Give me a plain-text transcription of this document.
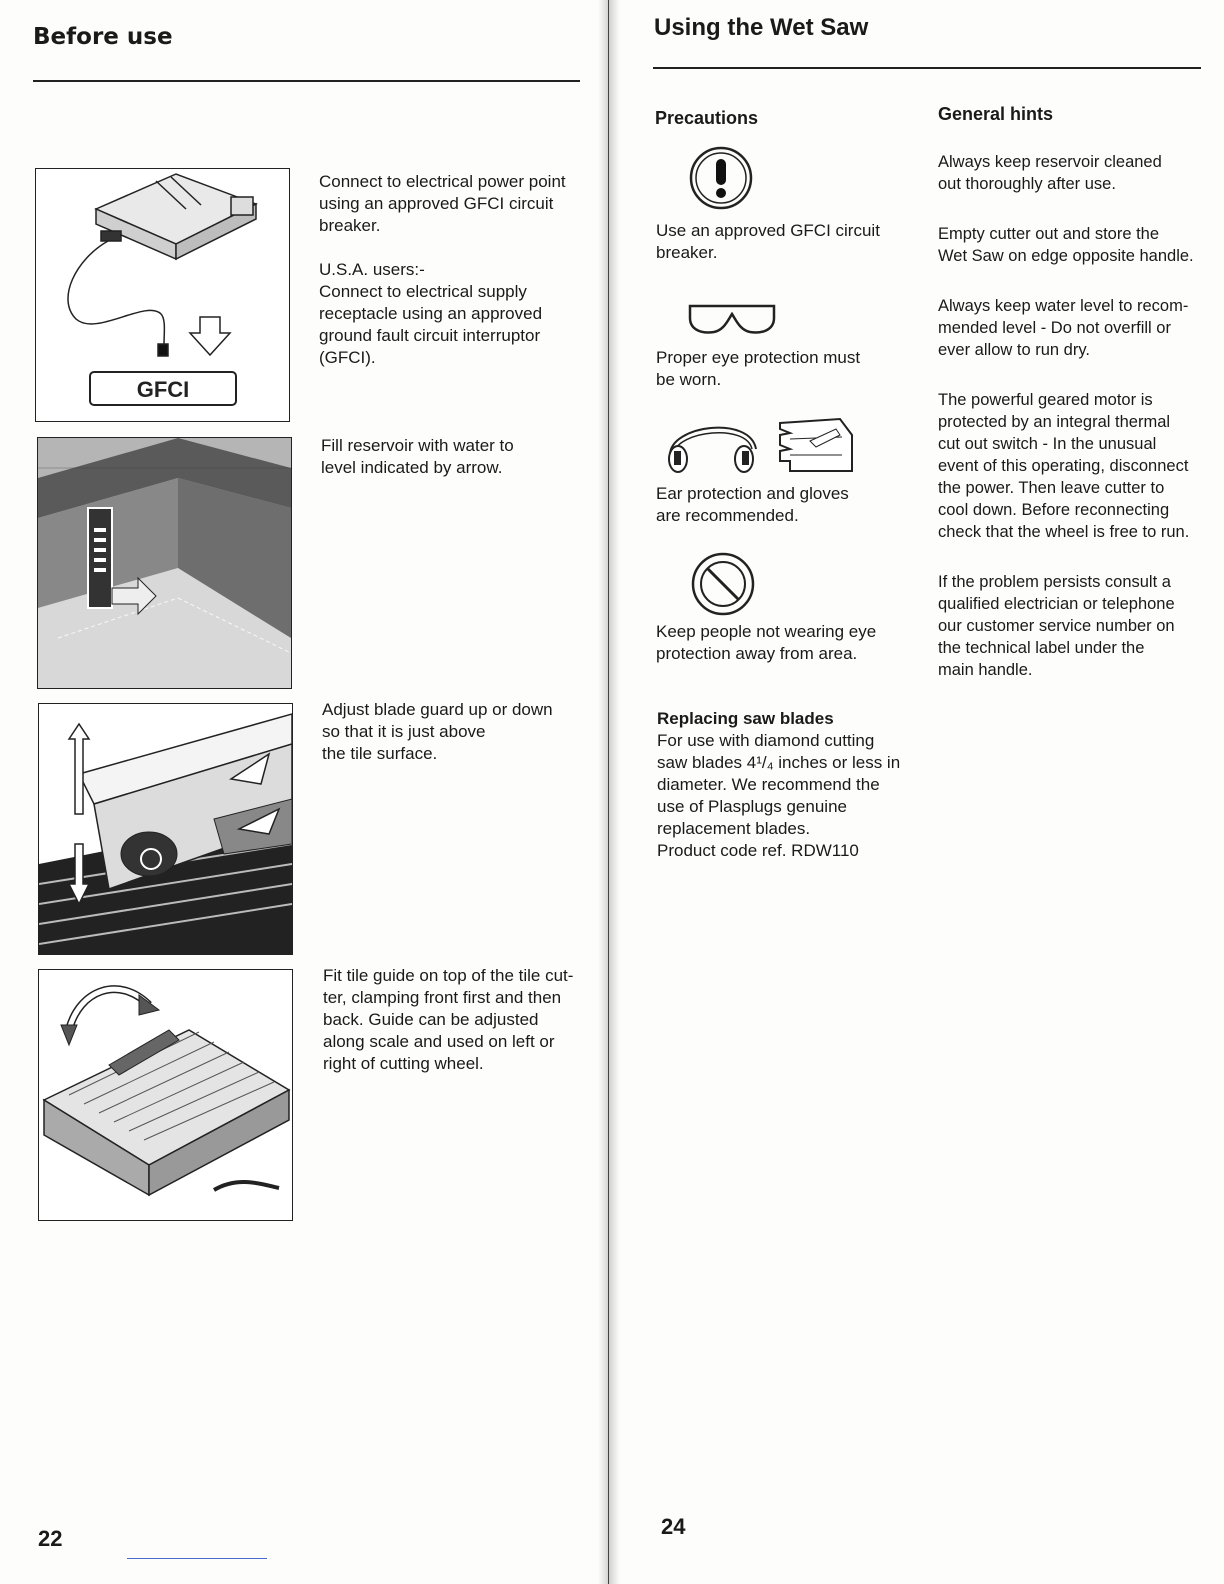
Before use
GFCI
Connect to electrical power point
using an approved GFCI circuit
breaker.

U.S.A. users:-
Connect to electrical supply
receptacle using an approved
ground fault circuit interruptor
(GFCI).
Fill reservoir with water to
level indicated by arrow.
Adjust blade guard up or down
so that it is just above
the tile surface.
Fit tile guide on top of the tile cut-
ter, clamping front first and then
back. Guide can be adjusted
along scale and used on left or
right of cutting wheel.
22
Using the Wet Saw
Precautions
Use an approved GFCI circuit
breaker.
Proper eye protection must
be worn.
Ear protection and gloves
are recommended.
Keep people not wearing eye
protection away from area.
Replacing saw blades
For use with diamond cutting
saw blades 4¹/₄ inches or less in
diameter. We recommend the
use of Plasplugs genuine
replacement blades.
Product code ref. RDW110
General hints

Always keep reservoir cleaned
out thoroughly after use.

Empty cutter out and store the
Wet Saw on edge opposite handle.

Always keep water level to recom-
mended level - Do not overfill or
ever allow to run dry.

The powerful geared motor is
protected by an integral thermal
cut out switch - In the unusual
event of this operating, disconnect
the power. Then leave cutter to
cool down. Before reconnecting
check that the wheel is free to run.

If the problem persists consult a
qualified electrician or telephone
our customer service number on
the technical label under the
main handle.

24
